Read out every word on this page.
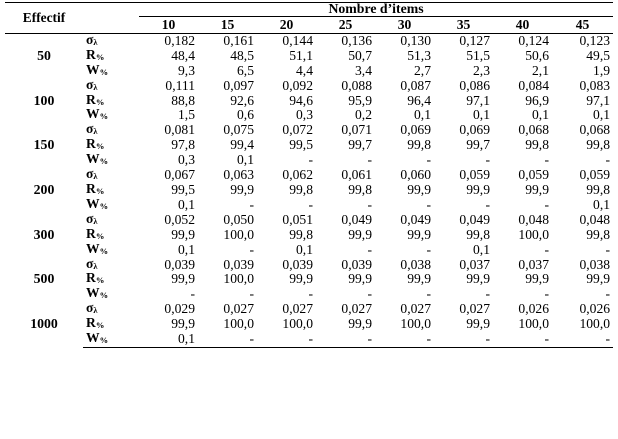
Effectif		Nombre d’items							
		10	15	20	25	30	35	40	45
50	$\sigma_\lambda$	0,182	0,161	0,144	0,136	0,130	0,127	0,124	0,123
	$R_{\%}$	48,4	48,5	51,1	50,7	51,3	51,5	50,6	49,5
	$W_{\%}$	9,3	6,5	4,4	3,4	2,7	2,3	2,1	1,9
100	$\sigma_\lambda$	0,111	0,097	0,092	0,088	0,087	0,086	0,084	0,083
	$R_{\%}$	88,8	92,6	94,6	95,9	96,4	97,1	96,9	97,1
	$W_{\%}$	1,5	0,6	0,3	0,2	0,1	0,1	0,1	0,1
150	$\sigma_\lambda$	0,081	0,075	0,072	0,071	0,069	0,069	0,068	0,068
	$R_{\%}$	97,8	99,4	99,5	99,7	99,8	99,7	99,8	99,8
	$W_{\%}$	0,3	0,1	-	-	-	-	-	-
200	$\sigma_\lambda$	0,067	0,063	0,062	0,061	0,060	0,059	0,059	0,059
	$R_{\%}$	99,5	99,9	99,8	99,8	99,9	99,9	99,9	99,8
	$W_{\%}$	0,1	-	-	-	-	-	-	0,1
300	$\sigma_\lambda$	0,052	0,050	0,051	0,049	0,049	0,049	0,048	0,048
	$R_{\%}$	99,9	100,0	99,8	99,9	99,9	99,8	100,0	99,8
	$W_{\%}$	0,1	-	0,1	-	-	0,1	-	-
500	$\sigma_\lambda$	0,039	0,039	0,039	0,039	0,038	0,037	0,037	0,038
	$R_{\%}$	99,9	100,0	99,9	99,9	99,9	99,9	99,9	99,9
	$W_{\%}$	-	-	-	-	-	-	-	-
1000	$\sigma_\lambda$	0,029	0,027	0,027	0,027	0,027	0,027	0,026	0,026
	$R_{\%}$	99,9	100,0	100,0	99,9	100,0	99,9	100,0	100,0
	$W_{\%}$	0,1	-	-	-	-	-	-	-
